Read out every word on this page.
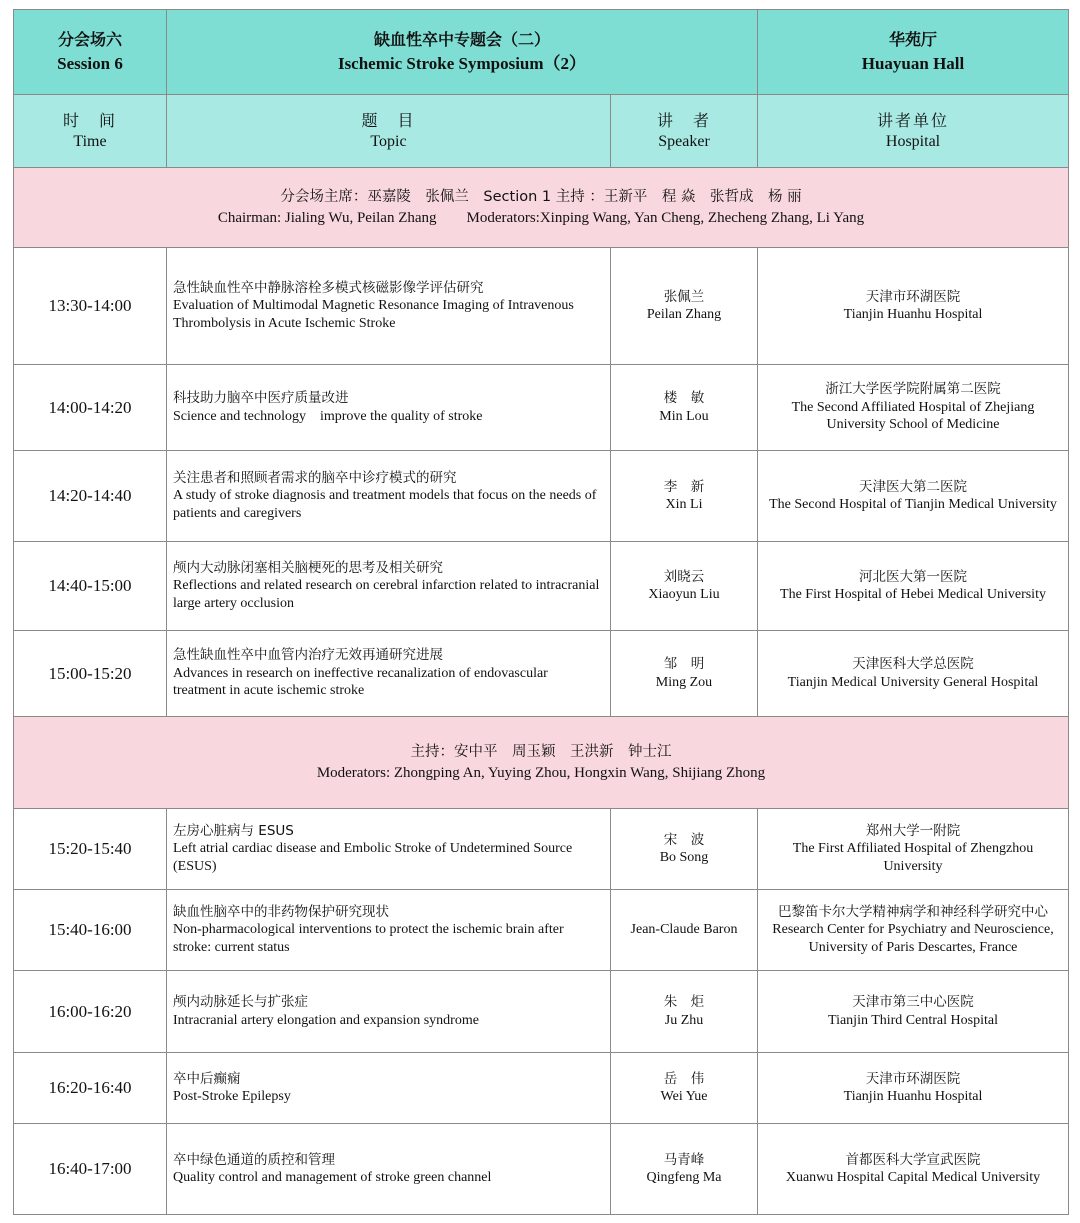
分会场六
Session 6	缺血性卒中专题会（二）
Ischemic Stroke Symposium（2）		华苑厅
Huayuan Hall

时　间
Time	题　目
Topic	讲　者
Speaker	讲者单位
Hospital

分会场主席：巫嘉陵　张佩兰　Section 1 主持 ：王新平　程 焱　张哲成　杨 丽
Chairman: Jialing Wu, Peilan Zhang　　Moderators:Xinping Wang, Yan Cheng, Zhecheng Zhang, Li Yang			

13:30-14:00	急性缺血性卒中静脉溶栓多模式核磁影像学评估研究
Evaluation of Multimodal Magnetic Resonance Imaging of Intravenous Thrombolysis in Acute Ischemic Stroke	张佩兰
Peilan Zhang	天津市环湖医院
Tianjin Huanhu Hospital

14:00-14:20	科技助力脑卒中医疗质量改进
Science and technology　improve the quality of stroke	楼　敏
Min Lou	浙江大学医学院附属第二医院
The Second Affiliated Hospital of Zhejiang University School of Medicine

14:20-14:40	关注患者和照顾者需求的脑卒中诊疗模式的研究
A study of stroke diagnosis and treatment models that focus on the needs of patients and caregivers	李　新
Xin Li	天津医大第二医院
The Second Hospital of Tianjin Medical University

14:40-15:00	颅内大动脉闭塞相关脑梗死的思考及相关研究
Reflections and related research on cerebral infarction related to intracranial large artery occlusion	刘晓云
Xiaoyun Liu	河北医大第一医院
The First Hospital of Hebei Medical University

15:00-15:20	急性缺血性卒中血管内治疗无效再通研究进展
Advances in research on ineffective recanalization of endovascular treatment in acute ischemic stroke	邹　明
Ming Zou	天津医科大学总医院
Tianjin Medical University General Hospital

主持：安中平　周玉颖　王洪新　钟士江
Moderators: Zhongping An, Yuying Zhou, Hongxin Wang, Shijiang Zhong			

15:20-15:40	左房心脏病与 ESUS
Left atrial cardiac disease and Embolic Stroke of Undetermined Source (ESUS)	宋　波
Bo Song	郑州大学一附院
The First Affiliated Hospital of Zhengzhou University

15:40-16:00	缺血性脑卒中的非药物保护研究现状
Non-pharmacological interventions to protect the ischemic brain after stroke: current status	Jean-Claude Baron	巴黎笛卡尔大学精神病学和神经科学研究中心
Research Center for Psychiatry and Neuroscience, University of Paris Descartes, France

16:00-16:20	颅内动脉延长与扩张症
Intracranial artery elongation and expansion syndrome	朱　炬
Ju Zhu	天津市第三中心医院
Tianjin Third Central Hospital

16:20-16:40	卒中后癫痫
Post-Stroke Epilepsy	岳　伟
Wei Yue	天津市环湖医院
Tianjin Huanhu Hospital

16:40-17:00	卒中绿色通道的质控和管理
Quality control and management of stroke green channel	马青峰
Qingfeng Ma	首都医科大学宣武医院
Xuanwu Hospital Capital Medical University
